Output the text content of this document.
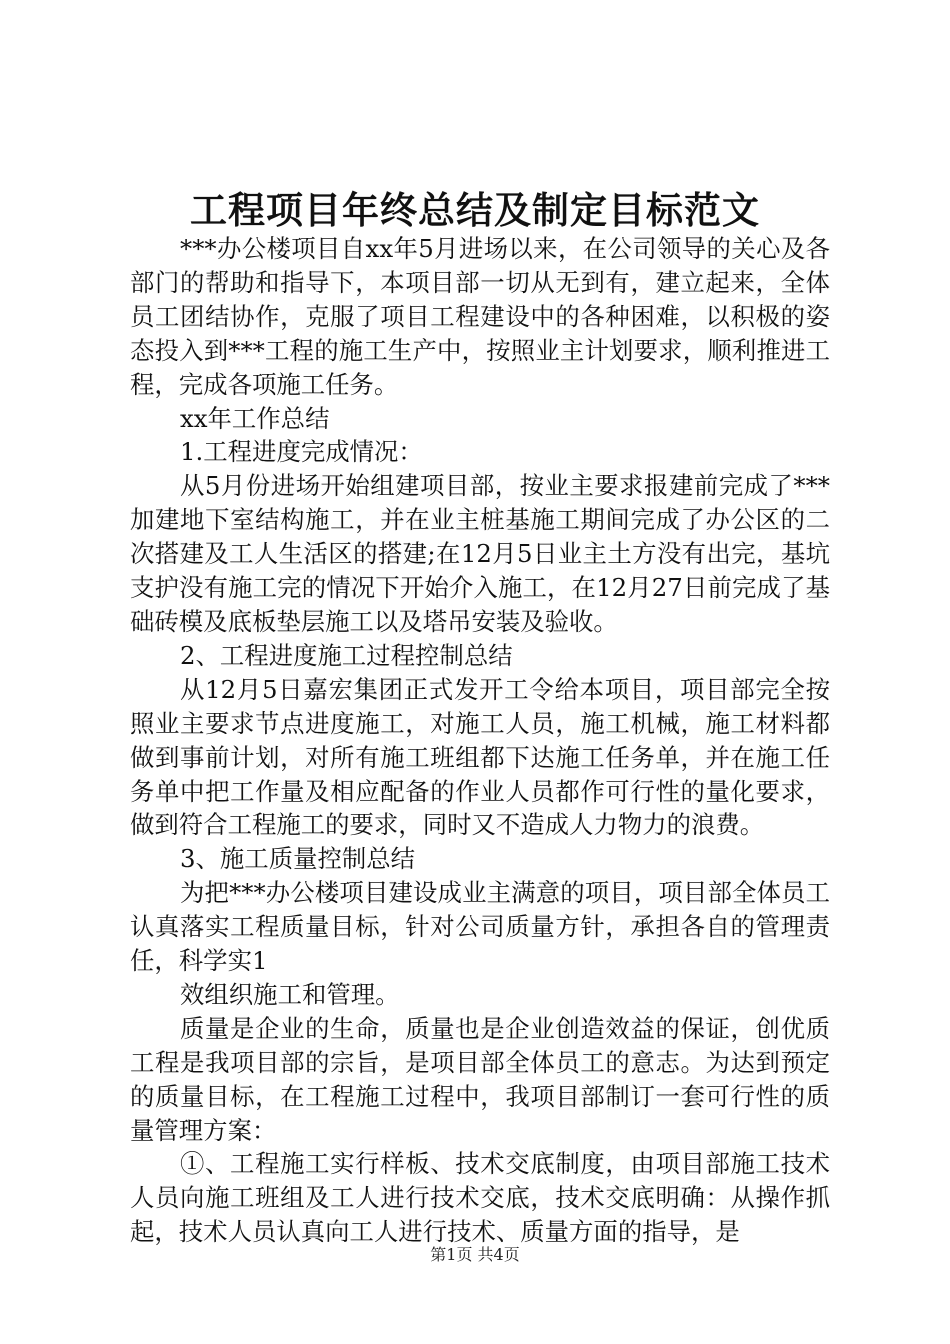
工程项目年终总结及制定目标范文

***办公楼项目自xx年5月进场以来，在公司领导的关心及各部门的帮助和指导下，本项目部一切从无到有，建立起来，全体员工团结协作，克服了项目工程建设中的各种困难，以积极的姿态投入到***工程的施工生产中，按照业主计划要求，顺利推进工程，完成各项施工任务。

xx年工作总结

1.工程进度完成情况：

从5月份进场开始组建项目部，按业主要求报建前完成了***加建地下室结构施工，并在业主桩基施工期间完成了办公区的二次搭建及工人生活区的搭建;在12月5日业主土方没有出完，基坑支护没有施工完的情况下开始介入施工，在12月27日前完成了基础砖模及底板垫层施工以及塔吊安装及验收。

2、工程进度施工过程控制总结

从12月5日嘉宏集团正式发开工令给本项目，项目部完全按照业主要求节点进度施工，对施工人员，施工机械，施工材料都做到事前计划，对所有施工班组都下达施工任务单，并在施工任务单中把工作量及相应配备的作业人员都作可行性的量化要求，做到符合工程施工的要求，同时又不造成人力物力的浪费。

3、施工质量控制总结

为把***办公楼项目建设成业主满意的项目，项目部全体员工认真落实工程质量目标，针对公司质量方针，承担各自的管理责任，科学实1

效组织施工和管理。

质量是企业的生命，质量也是企业创造效益的保证，创优质工程是我项目部的宗旨，是项目部全体员工的意志。为达到预定的质量目标，在工程施工过程中，我项目部制订一套可行性的质量管理方案：

①、工程施工实行样板、技术交底制度，由项目部施工技术人员向施工班组及工人进行技术交底，技术交底明确：从操作抓起，技术人员认真向工人进行技术、质量方面的指导，是

第1页 共4页
